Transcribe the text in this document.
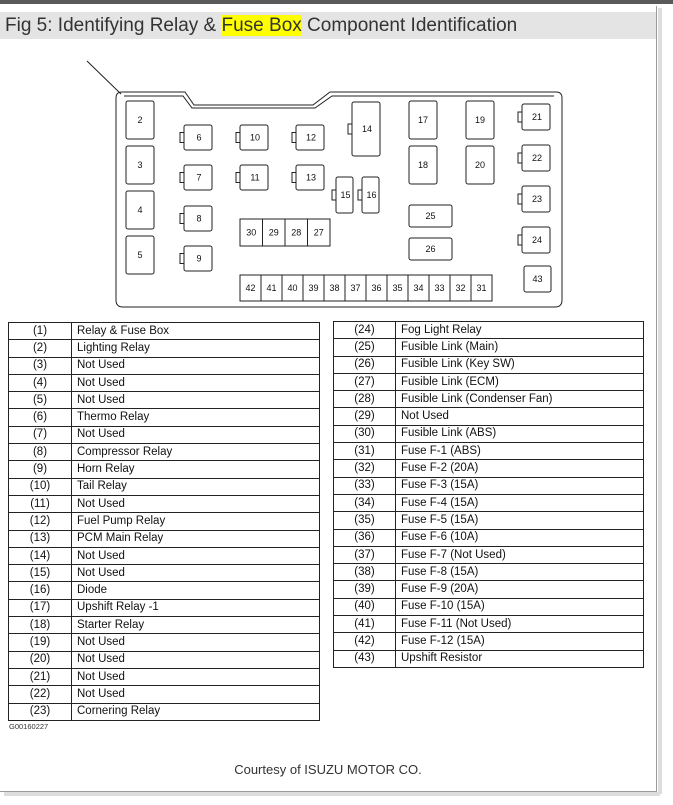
Fig 5: Identifying Relay & Fuse Box Component Identification
2
3
4
5
6
7
8
9
10
11
12
13
14
15 16
17
18
19
20
21
22
23
24
25
26
43
30 29 28 27
42 41 40 39 38 37 36 35 34 33 32 31
(1)	Relay & Fuse Box
(2)	Lighting Relay
(3)	Not Used
(4)	Not Used
(5)	Not Used
(6)	Thermo Relay
(7)	Not Used
(8)	Compressor Relay
(9)	Horn Relay
(10)	Tail Relay
(11)	Not Used
(12)	Fuel Pump Relay
(13)	PCM Main Relay
(14)	Not Used
(15)	Not Used
(16)	Diode
(17)	Upshift Relay -1
(18)	Starter Relay
(19)	Not Used
(20)	Not Used
(21)	Not Used
(22)	Not Used
(23)	Cornering Relay
(24)	Fog Light Relay
(25)	Fusible Link (Main)
(26)	Fusible Link (Key SW)
(27)	Fusible Link (ECM)
(28)	Fusible Link (Condenser Fan)
(29)	Not Used
(30)	Fusible Link (ABS)
(31)	Fuse F-1 (ABS)
(32)	Fuse F-2 (20A)
(33)	Fuse F-3 (15A)
(34)	Fuse F-4 (15A)
(35)	Fuse F-5 (15A)
(36)	Fuse F-6 (10A)
(37)	Fuse F-7 (Not Used)
(38)	Fuse F-8 (15A)
(39)	Fuse F-9 (20A)
(40)	Fuse F-10 (15A)
(41)	Fuse F-11 (Not Used)
(42)	Fuse F-12 (15A)
(43)	Upshift Resistor
G00160227
Courtesy of ISUZU MOTOR CO.
